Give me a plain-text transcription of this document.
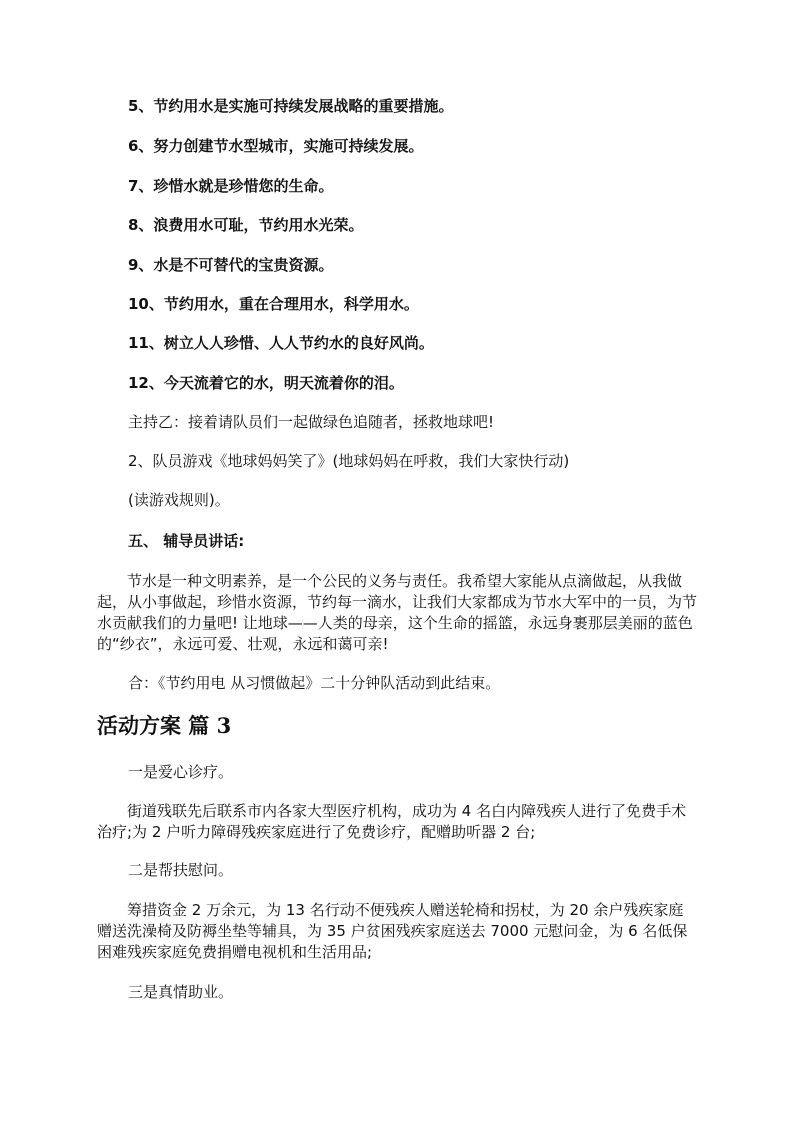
5、节约用水是实施可持续发展战略的重要措施。
6、努力创建节水型城市，实施可持续发展。
7、珍惜水就是珍惜您的生命。
8、浪费用水可耻，节约用水光荣。
9、水是不可替代的宝贵资源。
10、节约用水，重在合理用水，科学用水。
11、树立人人珍惜、人人节约水的良好风尚。
12、今天流着它的水，明天流着你的泪。
主持乙：接着请队员们一起做绿色追随者，拯救地球吧!
2、队员游戏《地球妈妈笑了》(地球妈妈在呼救，我们大家快行动)
(读游戏规则)。
五、 辅导员讲话:
节水是一种文明素养，是一个公民的义务与责任。我希望大家能从点滴做起，从我做起，从小事做起，珍惜水资源，节约每一滴水，让我们大家都成为节水大军中的一员，为节水贡献我们的力量吧! 让地球——人类的母亲，这个生命的摇篮，永远身裹那层美丽的蓝色的“纱衣”，永远可爱、壮观，永远和蔼可亲!
合：《节约用电 从习惯做起》二十分钟队活动到此结束。
活动方案 篇 3
一是爱心诊疗。
街道残联先后联系市内各家大型医疗机构，成功为 4 名白内障残疾人进行了免费手术治疗;为 2 户听力障碍残疾家庭进行了免费诊疗，配赠助听器 2 台;
二是帮扶慰问。
筹措资金 2 万余元，为 13 名行动不便残疾人赠送轮椅和拐杖，为 20 余户残疾家庭赠送洗澡椅及防褥坐垫等辅具，为 35 户贫困残疾家庭送去 7000 元慰问金，为 6 名低保困难残疾家庭免费捐赠电视机和生活用品;
三是真情助业。
